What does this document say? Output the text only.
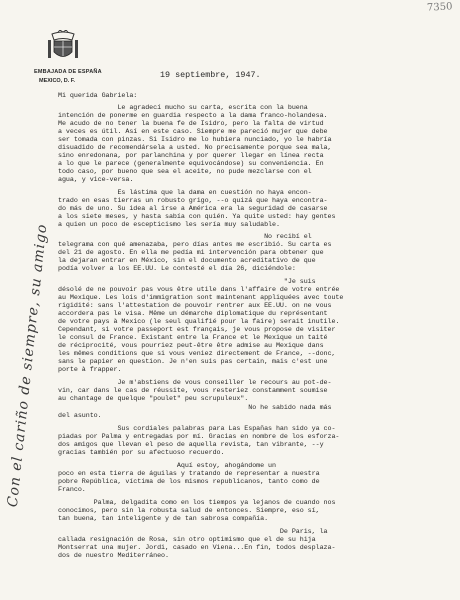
7350
EMBAJADA DE ESPAÑA
MEXICO, D. F.
19 septiembre, 1947.
Mi querida Gabriela:
Le agradecí mucho su carta, escrita con la buena
intención de ponerme en guardia respecto a la dama franco-holandesa.
Me acudo de no tener la buena fe de Isidro, pero la falta de virtud
a veces es útil. Así en este caso. Siempre me pareció mujer que debe
ser tomada con pinzas. Si Isidro me lo hubiera nunciado, yo le habría
disuadido de recomendársela a usted. No precisamente porque sea mala,
sino enredonana, por parlanchina y por querer llegar en línea recta
a lo que le parece (generalmente equivocándose) su conveniencia. En
todo caso, por bueno que sea el aceite, no pude mezclarse con el
agua, y vice-versa.
Es lástima que la dama en cuestión no haya encon-
trado en esas tierras un robusto grigo, --o quizá que haya encontra-
do más de uno. Su idea al irse a América era la seguridad de casarse
a los siete meses, y hasta sabía con quién. Ya quite usted: hay gentes
a quien un poco de escepticismo les sería muy saludable.
No recibí el
telegrama con qué amenazaba, pero días antes me escribió. Su carta es
del 21 de agosto. En ella me pedía mi intervención para obtener que
la dejaran entrar en México, sin el documento acreditativo de que
podía volver a los EE.UU. Le contesté el día 26, diciéndole:
"Je suis
désolé de ne pouvoir pas vous être utile dans l'affaire de votre entrée
au Mexique. Les lois d'immigration sont maintenant appliquées avec toute
rigidité: sans l'attestation de pouvoir rentrer aux EE.UU. on ne vous
accordera pas le visa. Même un démarche diplomatique du représentant
de votre pays à Mexico (le seul qualifié pour la faire) serait inutile.
Cependant, si votre passeport est français, je vous propose de visiter
le consul de France. Existant entre la France et le Mexique un taité
de réciprocité, vous pourriez peut-être être admise au Mexique dans
les mêmes conditions que si vous veniez directement de France, --donc,
sans le papier en question. Je n'en suis pas certain, mais c'est une
porte à frapper.
Je m'abstiens de vous conseiller le recours au pot-de-
vin, car dans le cas de réussite, vous resteriez constamment soumise
au chantage de quelque "poulet" peu scrupuleux".
No he sabido nada más
del asunto.
Sus cordiales palabras para Las Españas han sido ya co-
piadas por Palma y entregadas por mí. Gracias en nombre de los esforza-
dos amigos que llevan el peso de aquella revista, tan vibrante, --y
gracias también por su afectuoso recuerdo.
Aquí estoy, ahogándome un
poco en esta tierra de águilas y tratando de representar a nuestra
pobre República, víctima de los mismos republicanos, tanto como de
Franco.
Palma, delgadita como en los tiempos ya lejanos de cuando nos
conocimos, pero sin la robusta salud de entonces. Siempre, eso sí,
tan buena, tan inteligente y de tan sabrosa compañía.
De Paris, la
callada resignación de Rosa, sin otro optimismo que el de su hija
Montserrat una mujer. Jordi, casado en Viena...En fin, todos desplaza-
dos de nuestro Mediterráneo.
Con el cariño de siempre, su amigo
